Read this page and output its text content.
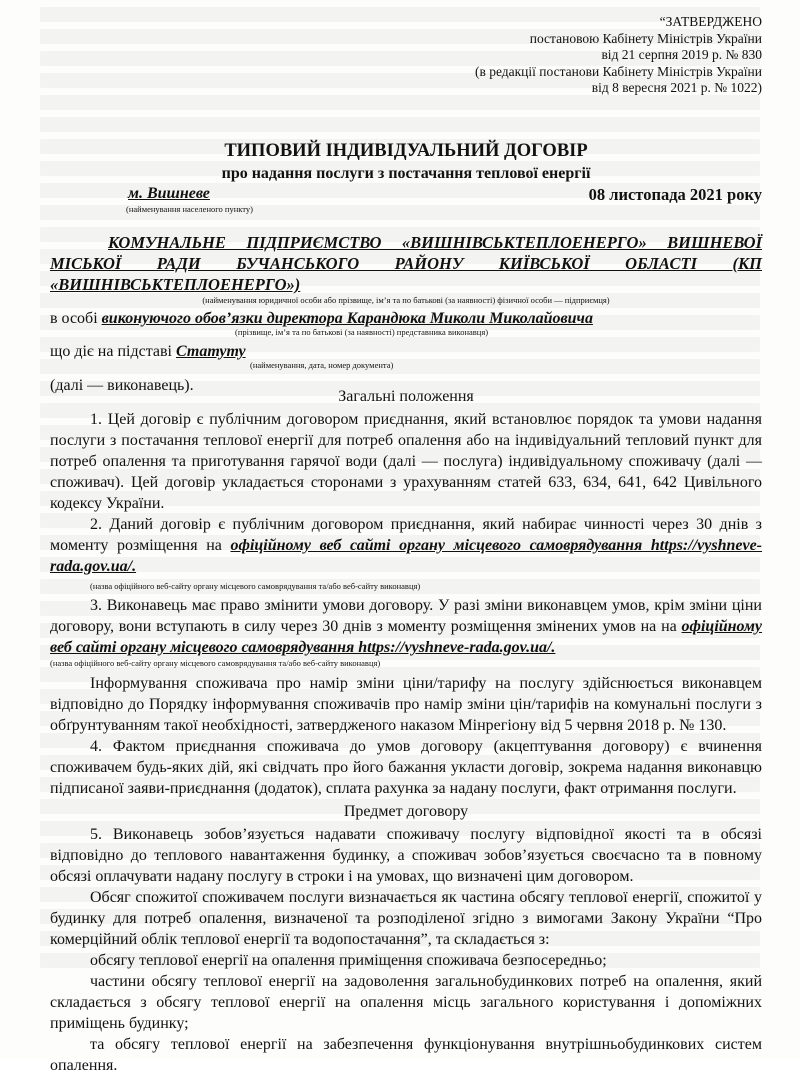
“ЗАТВЕРДЖЕНО
постановою Кабінету Міністрів України
від 21 серпня 2019 р. № 830
(в редакції постанови Кабінету Міністрів України
від 8 вересня 2021 р. № 1022)
ТИПОВИЙ ІНДИВІДУАЛЬНИЙ ДОГОВІР
про надання послуги з постачання теплової енергії
м. Вишневе
(найменування населеного пункту)
08 листопада 2021 року

КОМУНАЛЬНЕ ПІДПРИЄМСТВО «ВИШНІВСЬКТЕПЛОЕНЕРГО» ВИШНЕВОЇ МІСЬКОЇ РАДИ БУЧАНСЬКОГО РАЙОНУ КИЇВСЬКОЇ ОБЛАСТІ (КП «ВИШНІВСЬКТЕПЛОЕНЕРГО»)

(найменування юридичної особи або прізвище, ім’я та по батькові (за наявності) фізичної особи — підприємця)

в особі виконуючого обов’язки директора Карандюка Миколи Миколайовича

(прізвище, ім’я та по батькові (за наявності) представника виконавця)

що діє на підставі Статуту

(найменування, дата, номер документа)

(далі — виконавець).

Загальні положення

1. Цей договір є публічним договором приєднання, який встановлює порядок та умови надання послуги з постачання теплової енергії для потреб опалення або на індивідуальний тепловий пункт для потреб опалення та приготування гарячої води (далі — послуга) індивідуальному споживачу (далі — споживач). Цей договір укладається сторонами з урахуванням статей 633, 634, 641, 642 Цивільного кодексу України.

2. Даний договір є публічним договором приєднання, який набирає чинності через 30 днів з моменту розміщення на офіційному веб сайті органу місцевого самоврядування https://vyshneve-rada.gov.ua/.

(назва офіційного веб-сайту органу місцевого самоврядування та/або веб-сайту виконавця)

3. Виконавець має право змінити умови договору. У разі зміни виконавцем умов, крім зміни ціни договору, вони вступають в силу через 30 днів з моменту розміщення змінених умов на на офіційному веб сайті органу місцевого самоврядування https://vyshneve-rada.gov.ua/.

(назва офіційного веб-сайту органу місцевого самоврядування та/або веб-сайту виконавця)

Інформування споживача про намір зміни ціни/тарифу на послугу здійснюється виконавцем відповідно до Порядку інформування споживачів про намір зміни цін/тарифів на комунальні послуги з обґрунтуванням такої необхідності, затвердженого наказом Мінрегіону від 5 червня 2018 р. № 130.

4. Фактом приєднання споживача до умов договору (акцептування договору) є вчинення споживачем будь-яких дій, які свідчать про його бажання укласти договір, зокрема надання виконавцю підписаної заяви-приєднання (додаток), сплата рахунка за надану послуги, факт отримання послуги.

Предмет договору

5. Виконавець зобов’язується надавати споживачу послугу відповідної якості та в обсязі відповідно до теплового навантаження будинку, а споживач зобов’язується своєчасно та в повному обсязі оплачувати надану послугу в строки і на умовах, що визначені цим договором.

Обсяг спожитої споживачем послуги визначається як частина обсягу теплової енергії, спожитої у будинку для потреб опалення, визначеної та розподіленої згідно з вимогами Закону України “Про комерційний облік теплової енергії та водопостачання”, та складається з:

обсягу теплової енергії на опалення приміщення споживача безпосередньо;

частини обсягу теплової енергії на задоволення загальнобудинкових потреб на опалення, який складається з обсягу теплової енергії на опалення місць загального користування і допоміжних приміщень будинку;

та обсягу теплової енергії на забезпечення функціонування внутрішньобудинкових систем опалення.
